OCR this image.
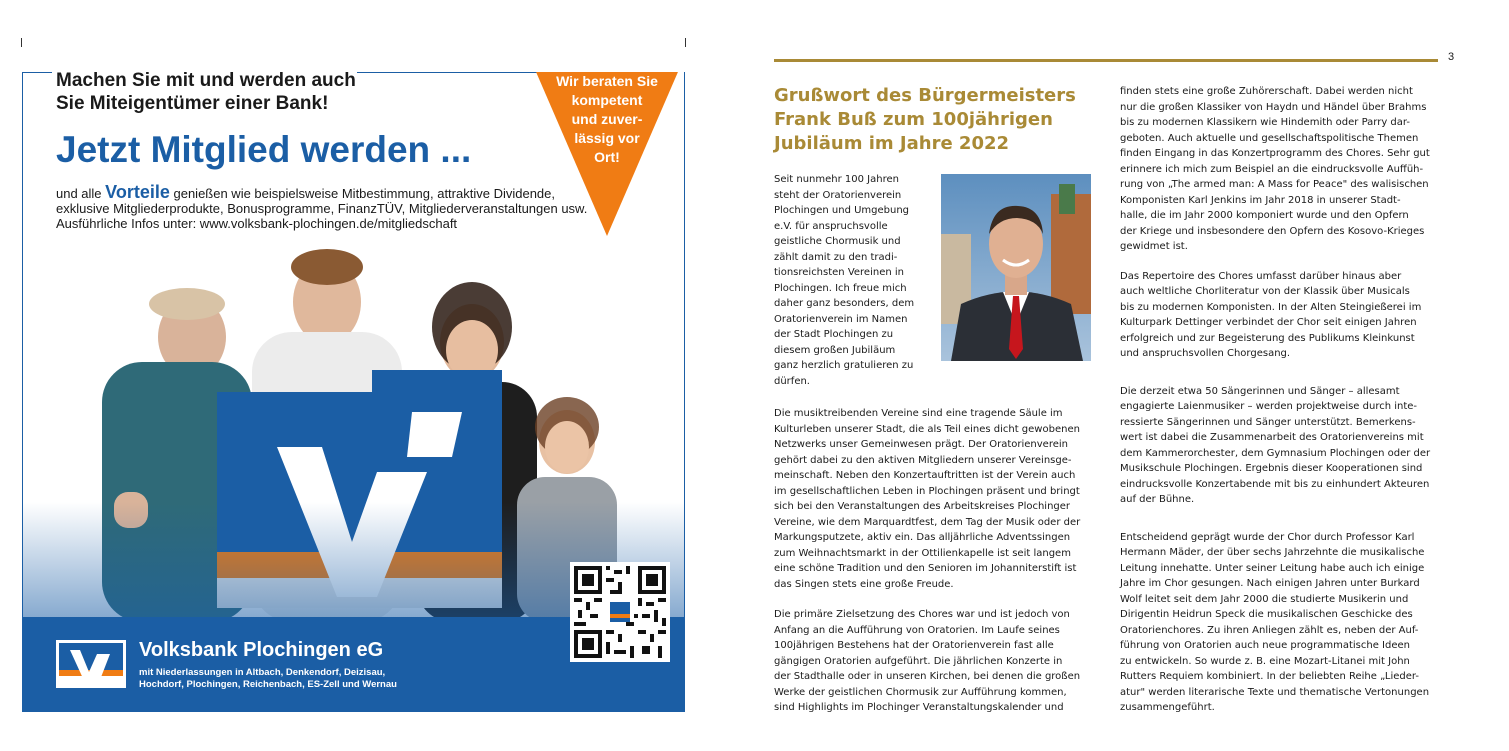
Machen Sie mit und werden auch
Sie Miteigentümer einer Bank!
Jetzt Mitglied werden ...
und alle Vorteile genießen wie beispielsweise Mitbestimmung, attraktive Dividende, exklusive Mitgliederprodukte, Bonusprogramme, FinanzTÜV, Mitgliederveranstaltungen usw.
Ausführliche Infos unter: www.volksbank-plochingen.de/mitgliedschaft
Wir beraten Sie
kompetent
und zuver-
lässig vor
Ort!
Volksbank Plochingen eG
mit Niederlassungen in Altbach, Denkendorf, Deizisau,
Hochdorf, Plochingen, Reichenbach, ES-Zell und Wernau
3
Grußwort des Bürgermeisters
Frank Buß zum 100jährigen
Jubiläum im Jahre 2022
Seit nunmehr 100 Jahren
steht der Oratorienverein
Plochingen und Umgebung
e.V. für anspruchsvolle
geistliche Chormusik und
zählt damit zu den tradi-
tionsreichsten Vereinen in
Plochingen. Ich freue mich
daher ganz besonders, dem
Oratorienverein im Namen
der Stadt Plochingen zu
diesem großen Jubiläum
ganz herzlich gratulieren zu
dürfen.
Die musiktreibenden Vereine sind eine tragende Säule im
Kulturleben unserer Stadt, die als Teil eines dicht gewobenen
Netzwerks unser Gemeinwesen prägt. Der Oratorienverein
gehört dabei zu den aktiven Mitgliedern unserer Vereinsge-
meinschaft. Neben den Konzertauftritten ist der Verein auch
im gesellschaftlichen Leben in Plochingen präsent und bringt
sich bei den Veranstaltungen des Arbeitskreises Plochinger
Vereine, wie dem Marquardtfest, dem Tag der Musik oder der
Markungsputzete, aktiv ein. Das alljährliche Adventssingen
zum Weihnachtsmarkt in der Ottilienkapelle ist seit langem
eine schöne Tradition und den Senioren im Johanniterstift ist
das Singen stets eine große Freude.
Die primäre Zielsetzung des Chores war und ist jedoch von
Anfang an die Aufführung von Oratorien. Im Laufe seines
100jährigen Bestehens hat der Oratorienverein fast alle
gängigen Oratorien aufgeführt. Die jährlichen Konzerte in
der Stadthalle oder in unseren Kirchen, bei denen die großen
Werke der geistlichen Chormusik zur Aufführung kommen,
sind Highlights im Plochinger Veranstaltungskalender und
finden stets eine große Zuhörerschaft. Dabei werden nicht
nur die großen Klassiker von Haydn und Händel über Brahms
bis zu modernen Klassikern wie Hindemith oder Parry dar-
geboten. Auch aktuelle und gesellschaftspolitische Themen
finden Eingang in das Konzertprogramm des Chores. Sehr gut
erinnere ich mich zum Beispiel an die eindrucksvolle Auffüh-
rung von „The armed man: A Mass for Peace" des walisischen
Komponisten Karl Jenkins im Jahr 2018 in unserer Stadt-
halle, die im Jahr 2000 komponiert wurde und den Opfern
der Kriege und insbesondere den Opfern des Kosovo-Krieges
gewidmet ist.
Das Repertoire des Chores umfasst darüber hinaus aber
auch weltliche Chorliteratur von der Klassik über Musicals
bis zu modernen Komponisten. In der Alten Steingießerei im
Kulturpark Dettinger verbindet der Chor seit einigen Jahren
erfolgreich und zur Begeisterung des Publikums Kleinkunst
und anspruchsvollen Chorgesang.
Die derzeit etwa 50 Sängerinnen und Sänger – allesamt
engagierte Laienmusiker – werden projektweise durch inte-
ressierte Sängerinnen und Sänger unterstützt. Bemerkens-
wert ist dabei die Zusammenarbeit des Oratorienvereins mit
dem Kammerorchester, dem Gymnasium Plochingen oder der
Musikschule Plochingen. Ergebnis dieser Kooperationen sind
eindrucksvolle Konzertabende mit bis zu einhundert Akteuren
auf der Bühne.
Entscheidend geprägt wurde der Chor durch Professor Karl
Hermann Mäder, der über sechs Jahrzehnte die musikalische
Leitung innehatte. Unter seiner Leitung habe auch ich einige
Jahre im Chor gesungen. Nach einigen Jahren unter Burkard
Wolf leitet seit dem Jahr 2000 die studierte Musikerin und
Dirigentin Heidrun Speck die musikalischen Geschicke des
Oratorienchores. Zu ihren Anliegen zählt es, neben der Auf-
führung von Oratorien auch neue programmatische Ideen
zu entwickeln. So wurde z. B. eine Mozart-Litanei mit John
Rutters Requiem kombiniert. In der beliebten Reihe „Lieder-
atur" werden literarische Texte und thematische Vertonungen
zusammengeführt.
